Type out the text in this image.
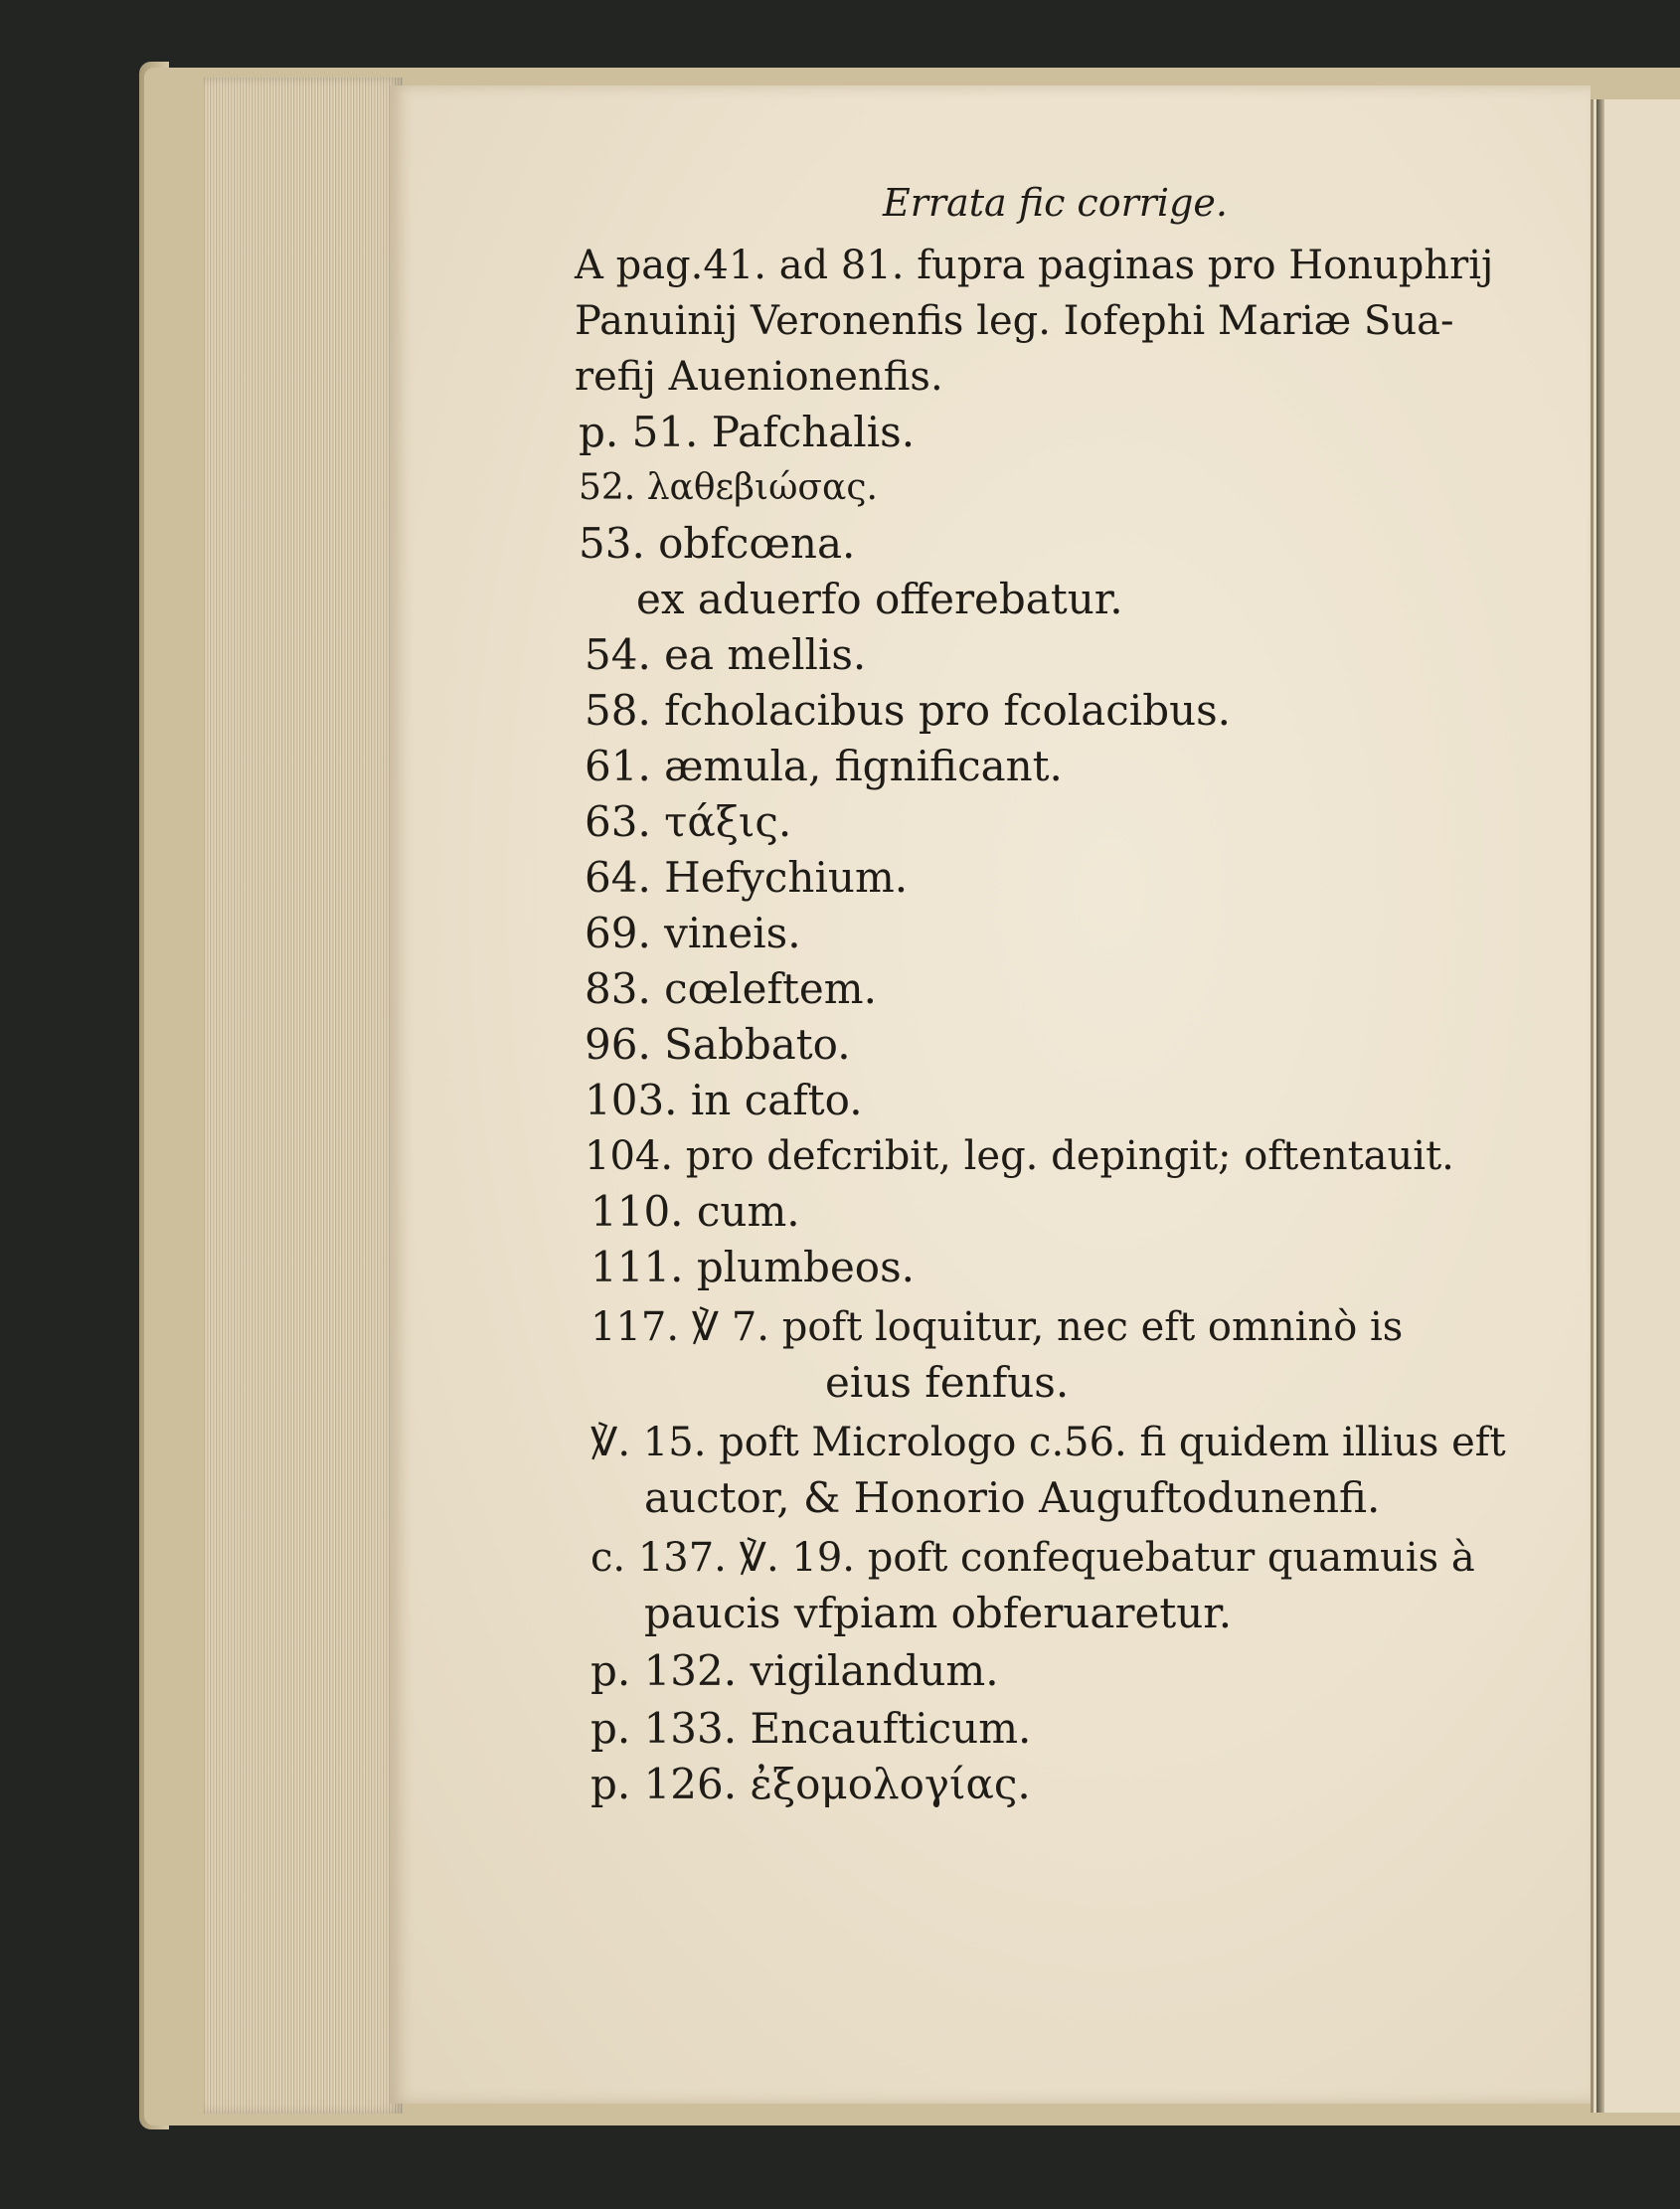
Errata fic corrige.
A pag.41. ad 81. fupra paginas pro Honuphrij
Panuinij Veronenfis leg. Iofephi Mariæ Sua-
refij Auenionenfis.
p. 51. Pafchalis.
52. λαθεβιώσας.
53. obfcœna.
ex aduerfo offerebatur.
54. ea mellis.
58. fcholacibus pro fcolacibus.
61. æmula, fignificant.
63. τάξις.
64. Hefychium.
69. vineis.
83. cœleftem.
96. Sabbato.
103. in cafto.
104. pro defcribit, leg. depingit; oftentauit.
110. cum.
111. plumbeos.
117. ℣ 7. poft loquitur, nec eft omninò is
eius fenfus.
℣. 15. poft Micrologo c.56. fi quidem illius eft
auctor, & Honorio Auguftodunenfi.
c. 137. ℣. 19. poft confequebatur quamuis à
paucis vfpiam obferuaretur.
p. 132. vigilandum.
p. 133. Encaufticum.
p. 126. ἐξομολογίας.
